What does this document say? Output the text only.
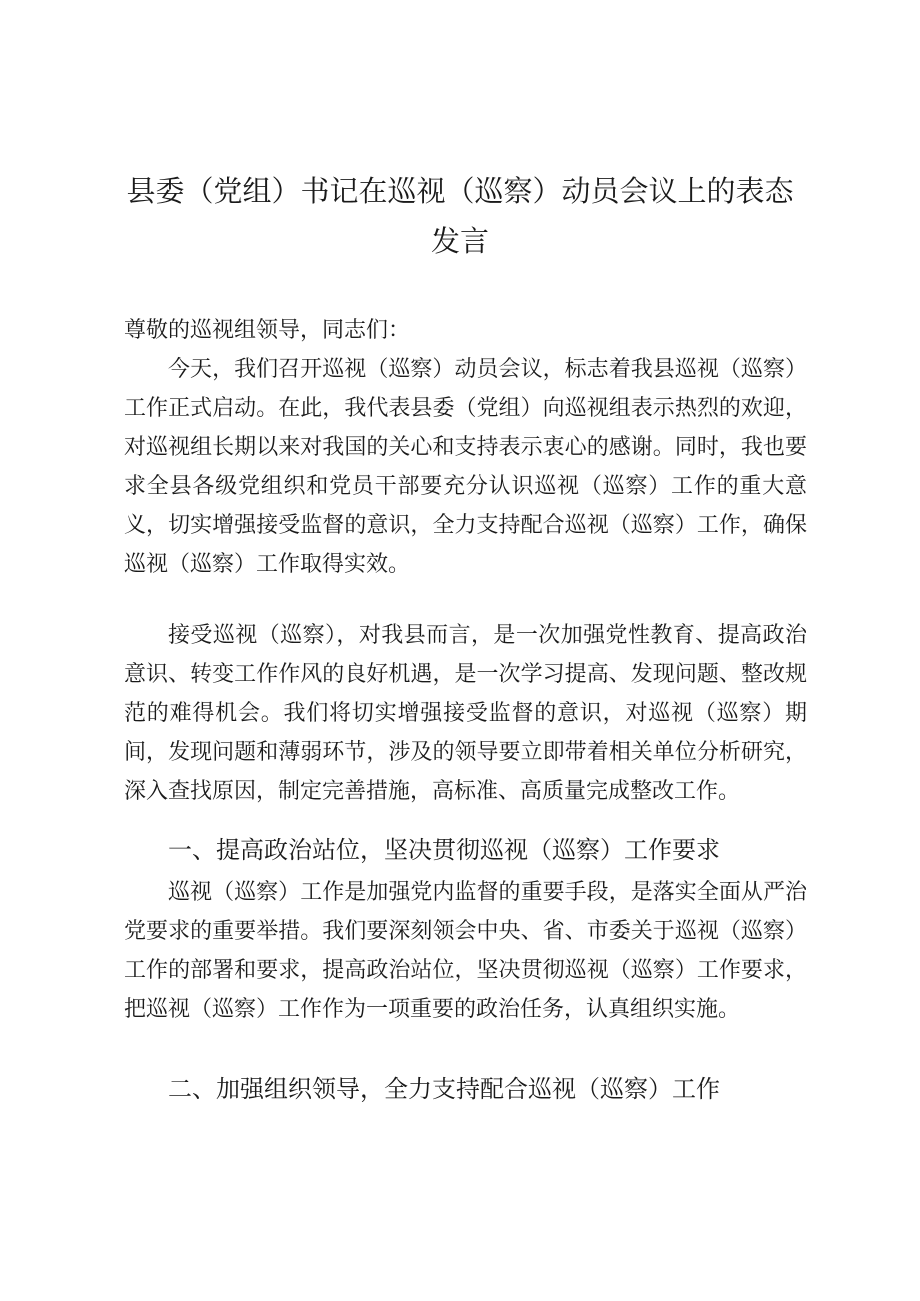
县委（党组）书记在巡视（巡察）动员会议上的表态发言

尊敬的巡视组领导，同志们：

今天，我们召开巡视（巡察）动员会议，标志着我县巡视（巡察）工作正式启动。在此，我代表县委（党组）向巡视组表示热烈的欢迎，对巡视组长期以来对我国的关心和支持表示衷心的感谢。同时，我也要求全县各级党组织和党员干部要充分认识巡视（巡察）工作的重大意义，切实增强接受监督的意识，全力支持配合巡视（巡察）工作，确保巡视（巡察）工作取得实效。

接受巡视（巡察），对我县而言，是一次加强党性教育、提高政治意识、转变工作作风的良好机遇，是一次学习提高、发现问题、整改规范的难得机会。我们将切实增强接受监督的意识，对巡视（巡察）期间，发现问题和薄弱环节，涉及的领导要立即带着相关单位分析研究，深入查找原因，制定完善措施，高标准、高质量完成整改工作。

一、提高政治站位，坚决贯彻巡视（巡察）工作要求

巡视（巡察）工作是加强党内监督的重要手段，是落实全面从严治党要求的重要举措。我们要深刻领会中央、省、市委关于巡视（巡察）工作的部署和要求，提高政治站位，坚决贯彻巡视（巡察）工作要求，把巡视（巡察）工作作为一项重要的政治任务，认真组织实施。

二、加强组织领导，全力支持配合巡视（巡察）工作
